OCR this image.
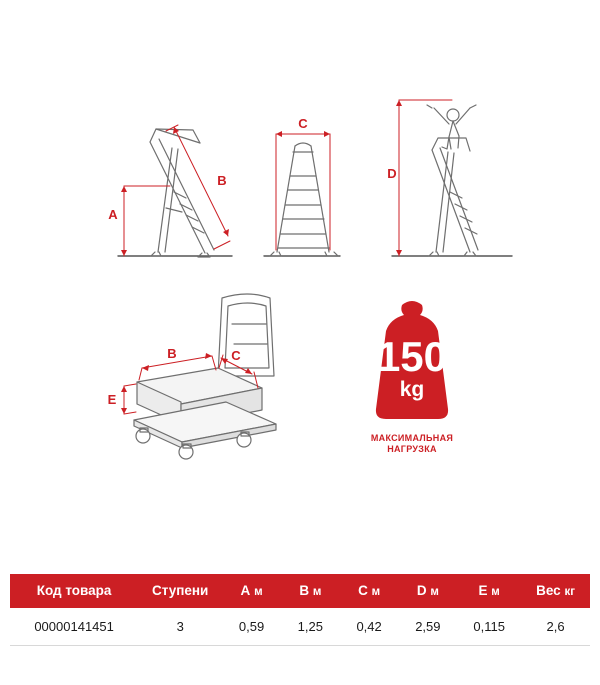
A
B
C
D
B	C
E
150
kg
МАКСИМАЛЬНАЯ
НАГРУЗКА
Код товара	Ступени	A м	B м	C м	D м	E м	Вес кг
00000141451	3	0,59	1,25	0,42	2,59	0,115	2,6
